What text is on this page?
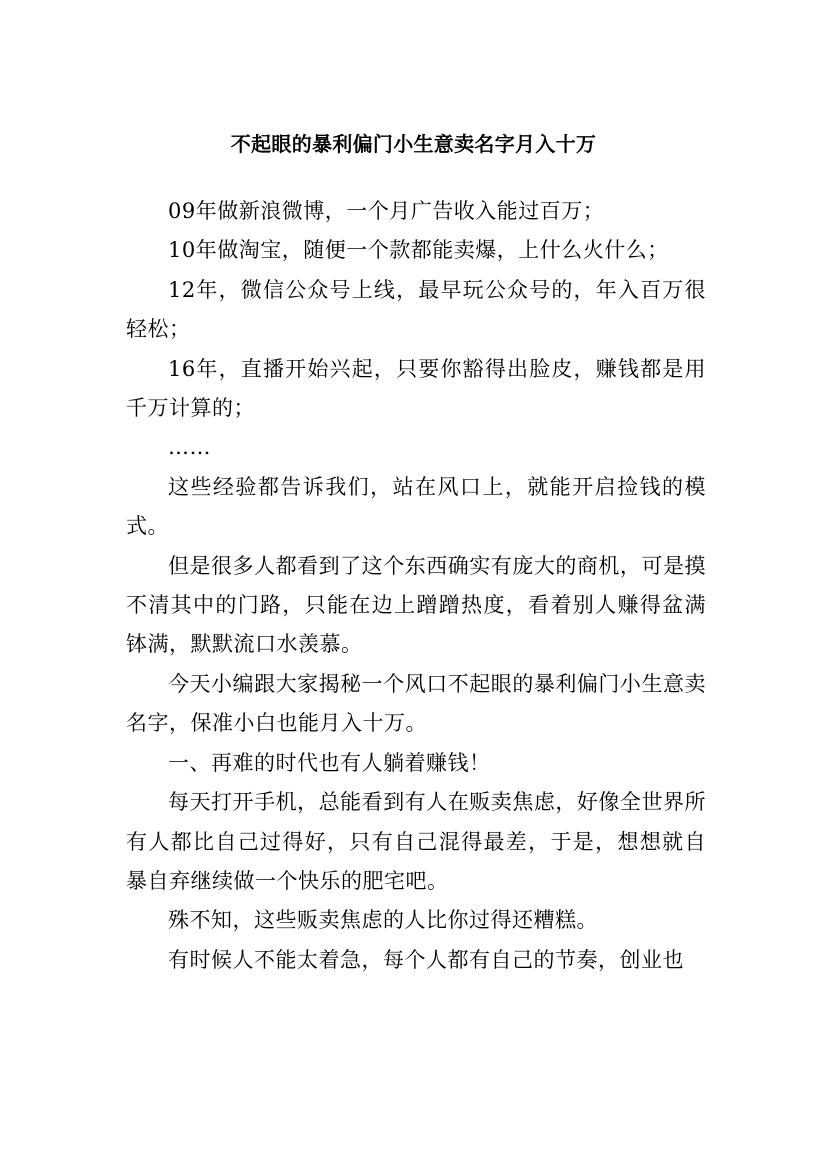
不起眼的暴利偏门小生意卖名字月入十万

09年做新浪微博，一个月广告收入能过百万；

10年做淘宝，随便一个款都能卖爆，上什么火什么；

12年，微信公众号上线，最早玩公众号的，年入百万很轻松；

16年，直播开始兴起，只要你豁得出脸皮，赚钱都是用千万计算的；

……

这些经验都告诉我们，站在风口上，就能开启捡钱的模式。

但是很多人都看到了这个东西确实有庞大的商机，可是摸不清其中的门路，只能在边上蹭蹭热度，看着别人赚得盆满钵满，默默流口水羡慕。

今天小编跟大家揭秘一个风口不起眼的暴利偏门小生意卖名字，保准小白也能月入十万。

一、再难的时代也有人躺着赚钱！

每天打开手机，总能看到有人在贩卖焦虑，好像全世界所有人都比自己过得好，只有自己混得最差，于是，想想就自暴自弃继续做一个快乐的肥宅吧。

殊不知，这些贩卖焦虑的人比你过得还糟糕。

有时候人不能太着急，每个人都有自己的节奏，创业也
